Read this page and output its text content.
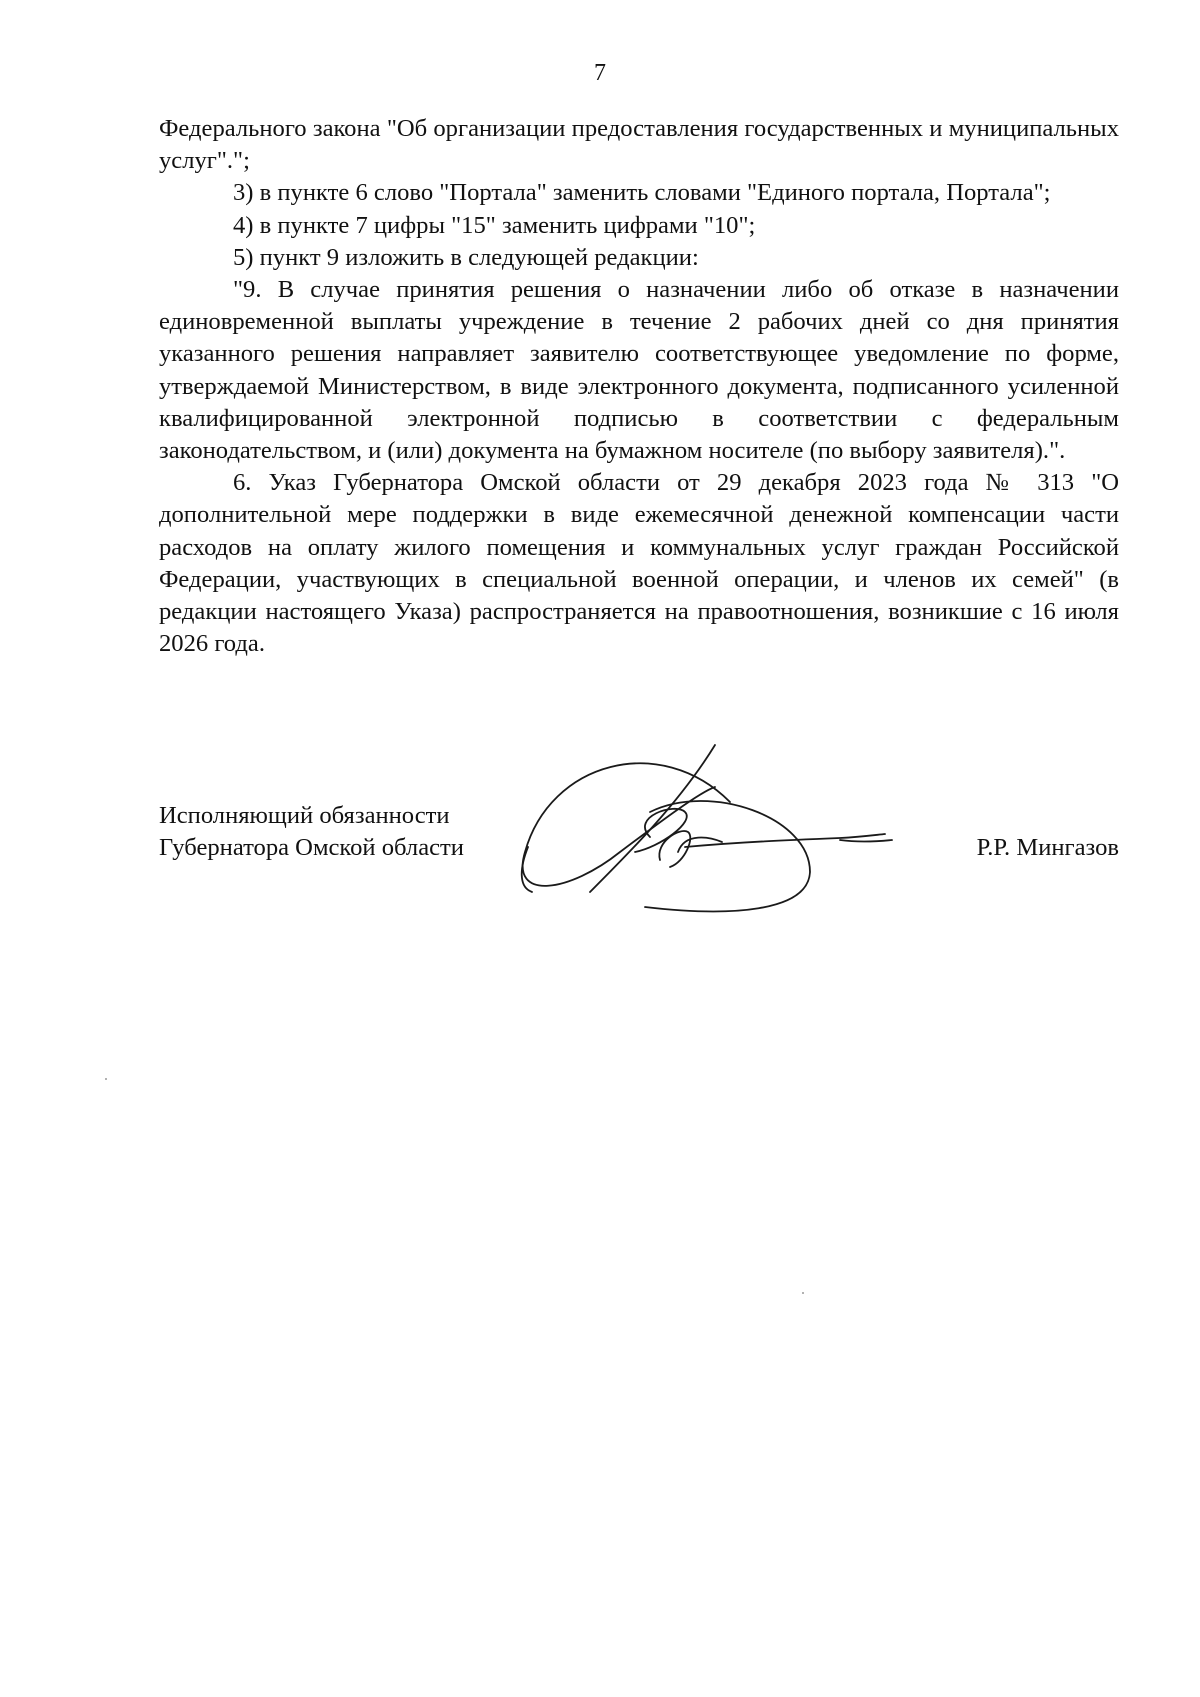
7

Федерального закона "Об организации предоставления государственных и муниципальных услуг".";

3) в пункте 6 слово "Портала" заменить словами "Единого портала, Портала";

4) в пункте 7 цифры "15" заменить цифрами "10";

5) пункт 9 изложить в следующей редакции:

"9. В случае принятия решения о назначении либо об отказе в назначении единовременной выплаты учреждение в течение 2 рабочих дней со дня принятия указанного решения направляет заявителю соответствующее уведомление по форме, утверждаемой Министерством, в виде электронного документа, подписанного усиленной квалифицированной электронной подписью в соответствии с федеральным законодательством, и (или) документа на бумажном носителе (по выбору заявителя).".

6. Указ Губернатора Омской области от 29 декабря 2023 года № 313 "О дополнительной мере поддержки в виде ежемесячной денежной компенсации части расходов на оплату жилого помещения и коммунальных услуг граждан Российской Федерации, участвующих в специальной военной операции, и членов их семей" (в редакции настоящего Указа) распространяется на правоотношения, возникшие с 16 июля 2026 года.

Исполняющий обязанности
Губернатора Омской области	Р.Р. Мингазов
